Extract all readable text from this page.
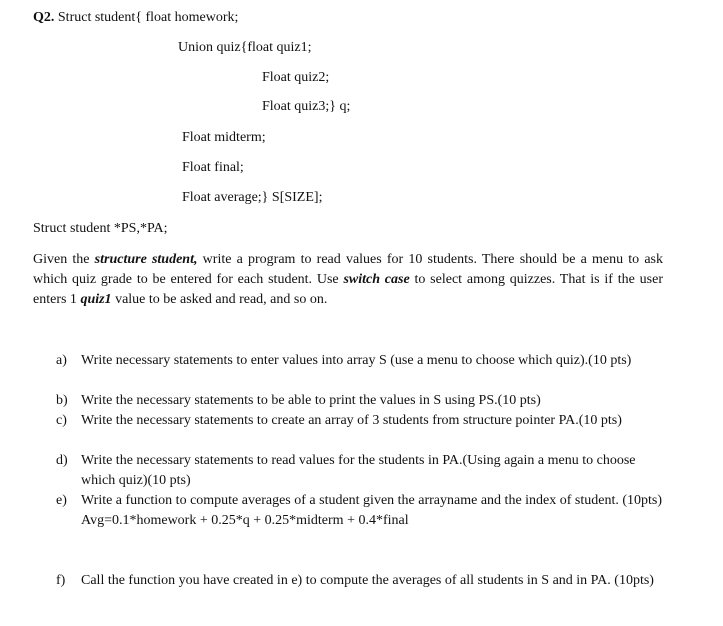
Q2. Struct student{ float homework;
Union quiz{float quiz1;
Float quiz2;
Float quiz3;} q;
Float midterm;
Float final;
Float average;} S[SIZE];
Struct student *PS,*PA;
Given the structure student, write a program to read values for 10 students. There should be a menu to ask which quiz grade to be entered for each student. Use switch case to select among quizzes. That is if the user enters 1 quiz1 value to be asked and read, and so on.
a)	Write necessary statements to enter values into array S (use a menu to choose which quiz).(10 pts)
b) Write the necessary statements to be able to print the values in S using PS.(10 pts)
c)	Write the necessary statements to create an array of 3 students from structure pointer PA.(10 pts)
d) Write the necessary statements to read values for the students in PA.(Using again a menu to choose which quiz)(10 pts)
e)	Write a function to compute averages of a student given the arrayname and the index of student. (10pts)
Avg=0.1*homework + 0.25*q + 0.25*midterm + 0.4*final
f)	Call the function you have created in e) to compute the averages of all students in S and in PA. (10pts)
